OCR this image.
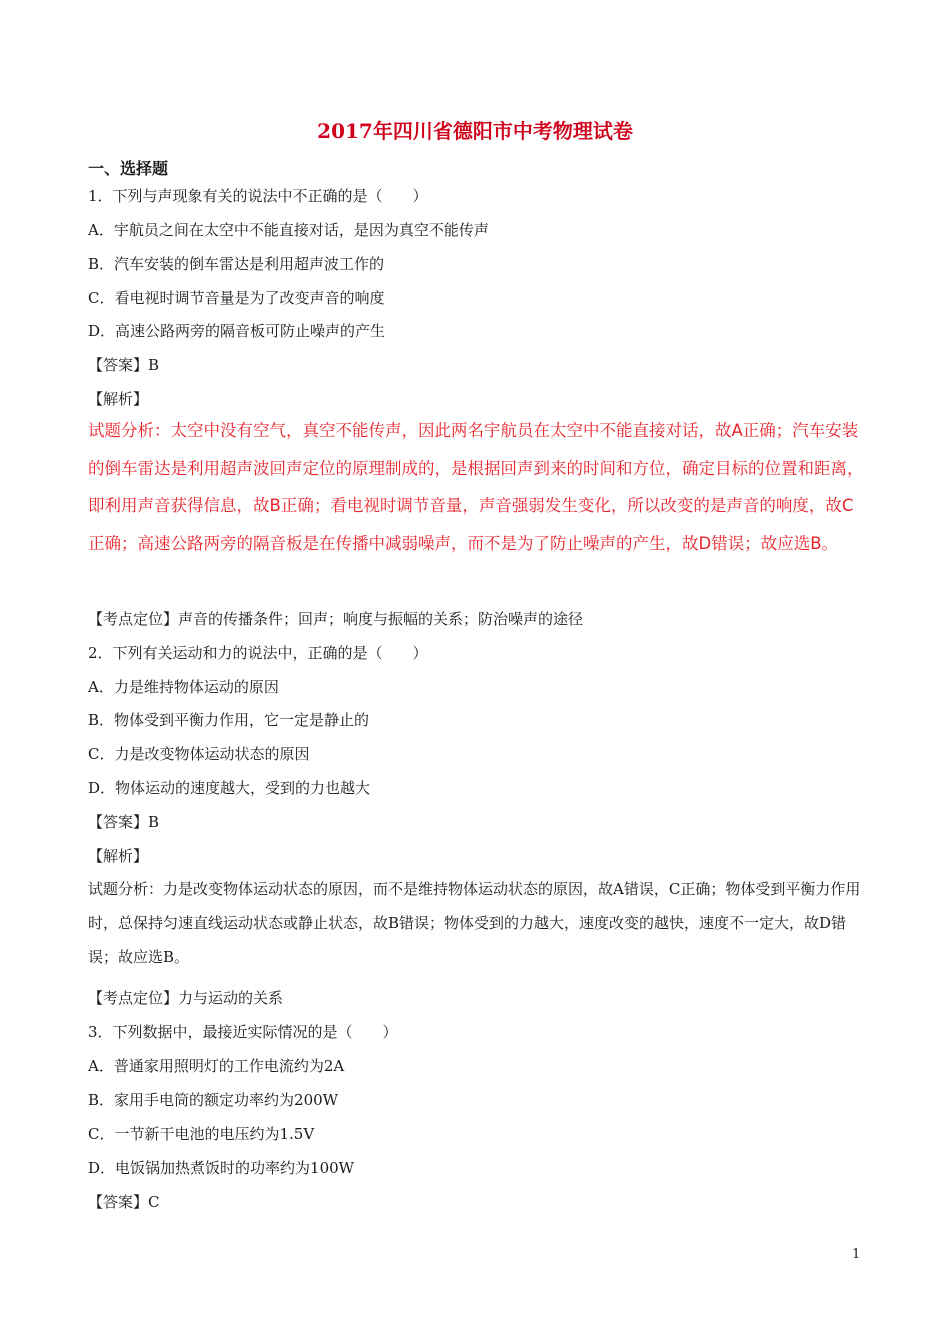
2017年四川省德阳市中考物理试卷
一、选择题
1．下列与声现象有关的说法中不正确的是（　　）
A．宇航员之间在太空中不能直接对话，是因为真空不能传声
B．汽车安装的倒车雷达是利用超声波工作的
C．看电视时调节音量是为了改变声音的响度
D．高速公路两旁的隔音板可防止噪声的产生
【答案】B
【解析】
试题分析：太空中没有空气，真空不能传声，因此两名宇航员在太空中不能直接对话，故A正确；汽车安装的倒车雷达是利用超声波回声定位的原理制成的，是根据回声到来的时间和方位，确定目标的位置和距离，即利用声音获得信息，故B正确；看电视时调节音量，声音强弱发生变化，所以改变的是声音的响度，故C正确；高速公路两旁的隔音板是在传播中减弱噪声，而不是为了防止噪声的产生，故D错误；故应选B。
【考点定位】声音的传播条件；回声；响度与振幅的关系；防治噪声的途径
2．下列有关运动和力的说法中，正确的是（　　）
A．力是维持物体运动的原因
B．物体受到平衡力作用，它一定是静止的
C．力是改变物体运动状态的原因
D．物体运动的速度越大，受到的力也越大
【答案】B
【解析】
试题分析：力是改变物体运动状态的原因，而不是维持物体运动状态的原因，故A错误，C正确；物体受到平衡力作用 时，总保持匀速直线运动状态或静止状态，故B错误；物体受到的力越大，速度改变的越快，速度不一定大，故D错误；故应选B。
【考点定位】力与运动的关系
3．下列数据中，最接近实际情况的是（　　）
A．普通家用照明灯的工作电流约为2A
B．家用手电筒的额定功率约为200W
C．一节新干电池的电压约为1.5V
D．电饭锅加热煮饭时的功率约为100W
【答案】C
1
